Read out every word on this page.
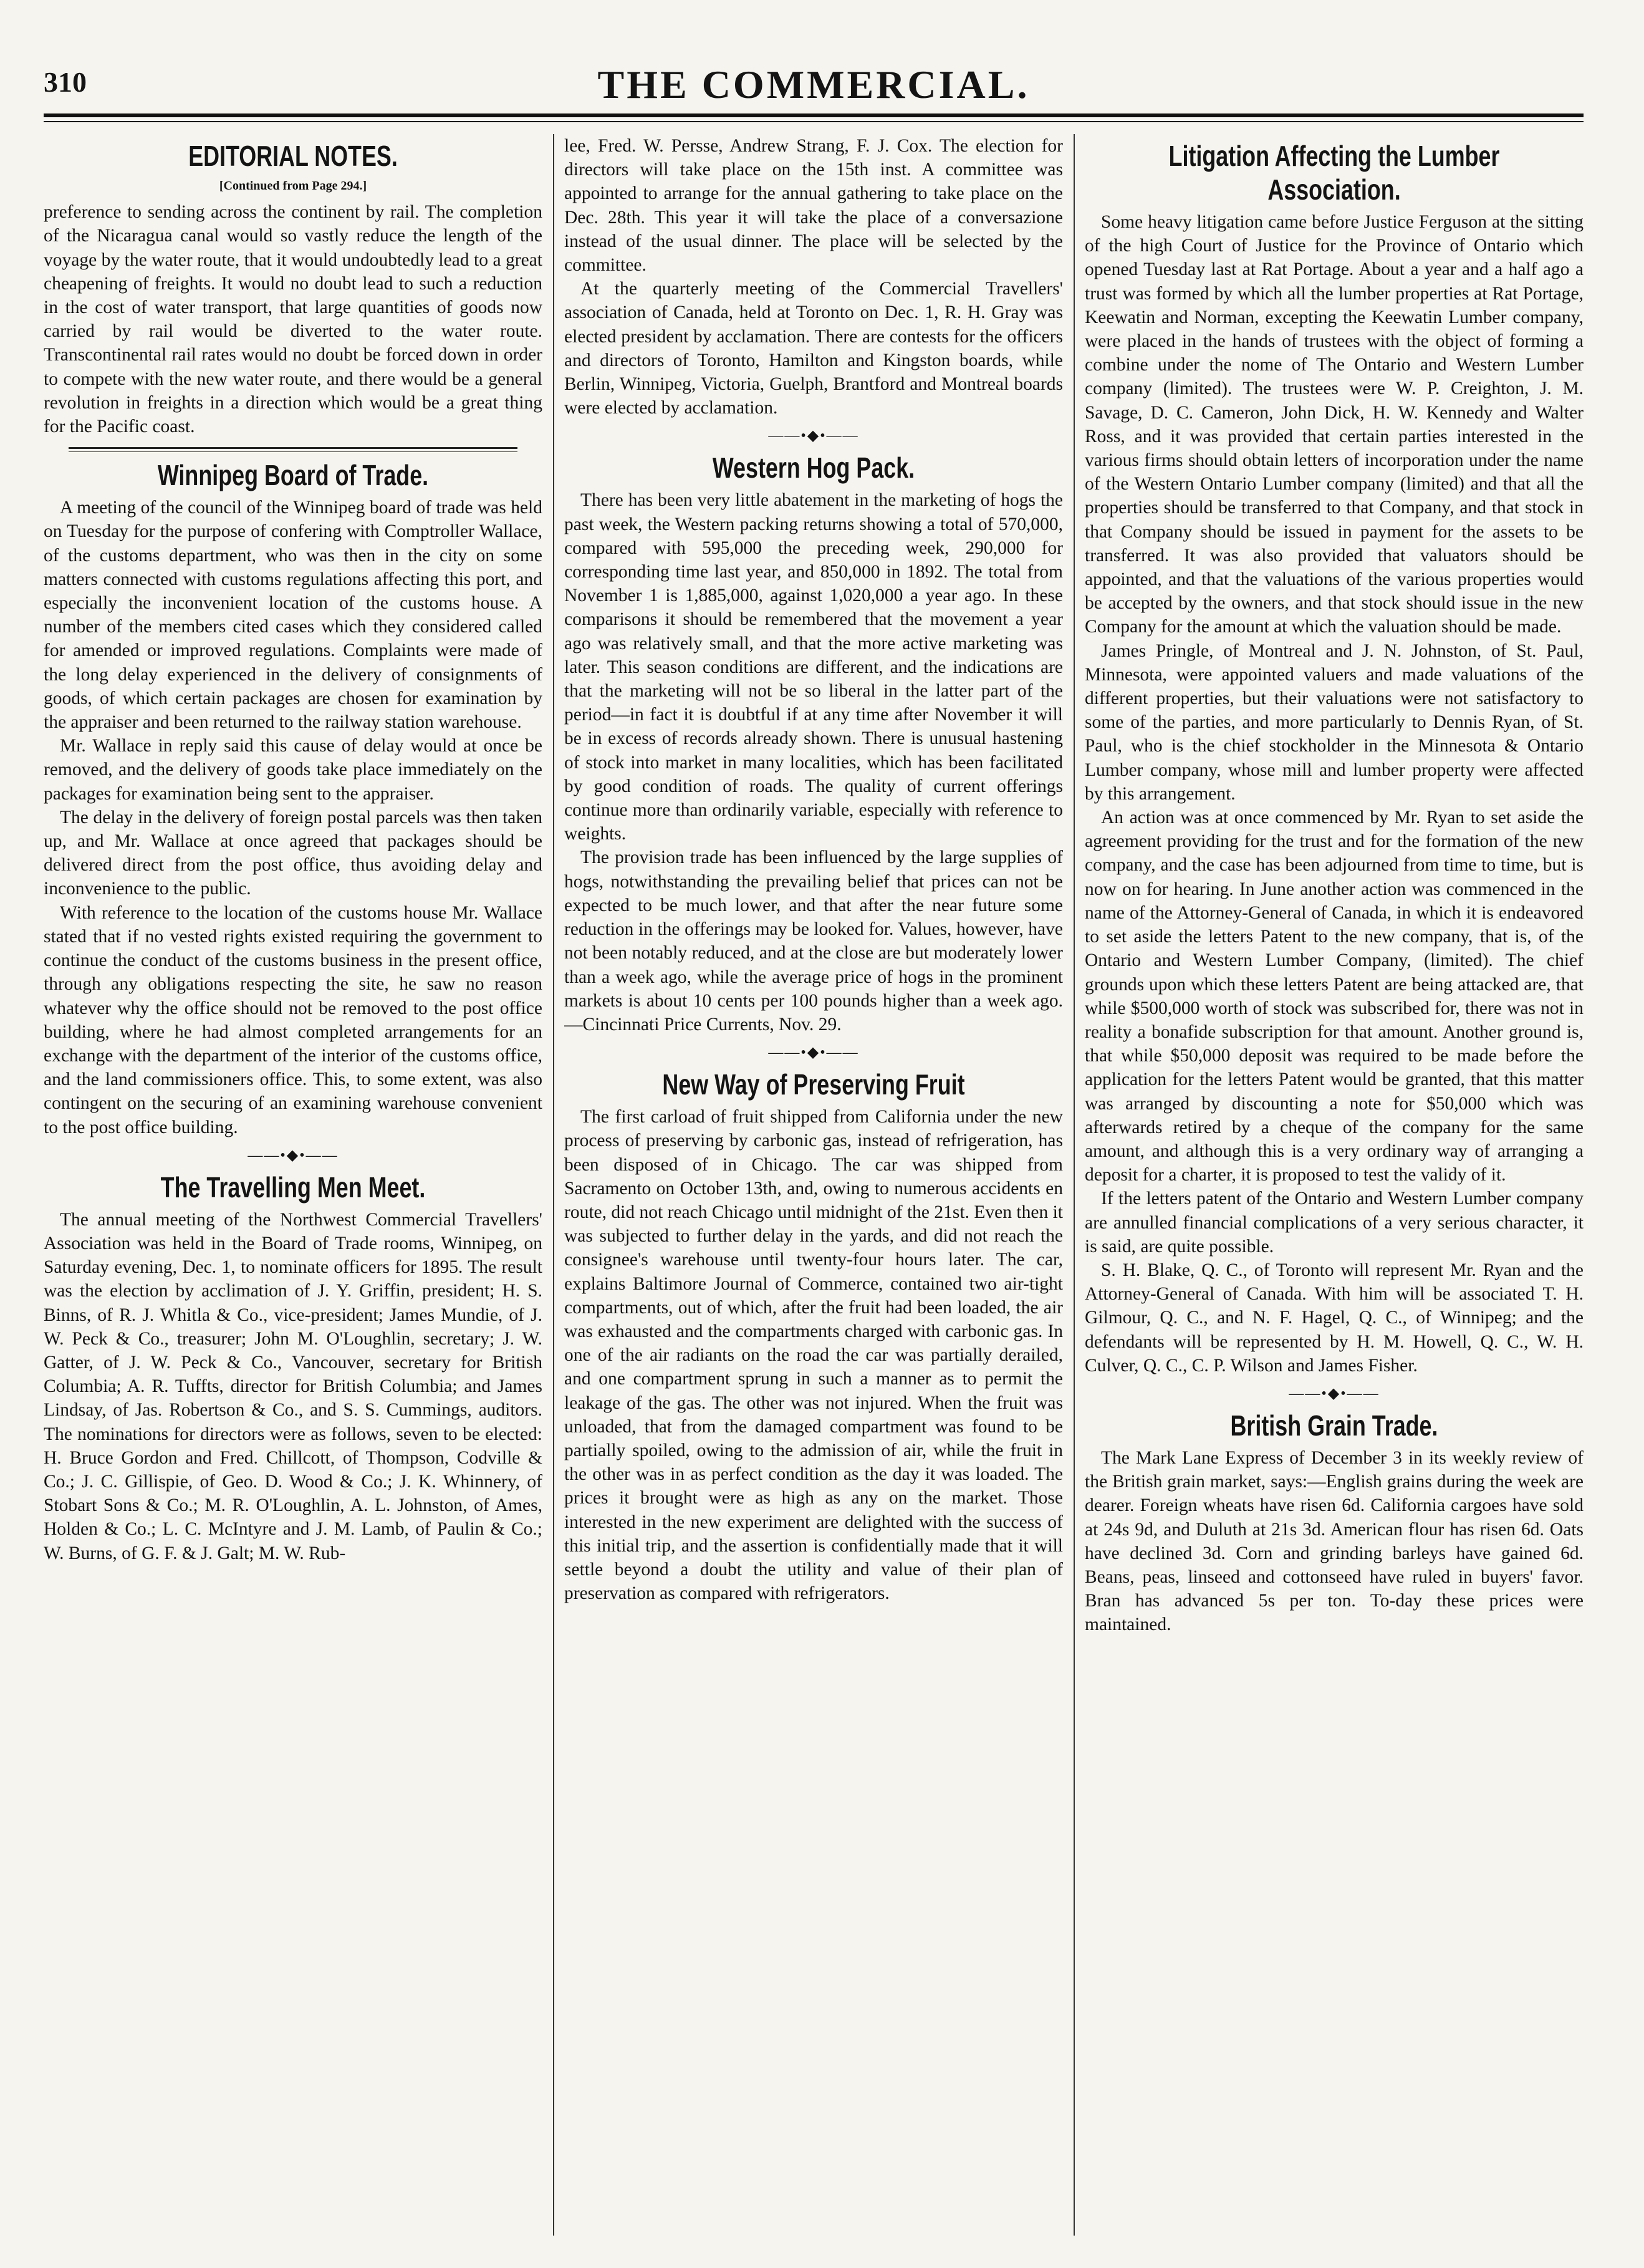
310	THE COMMERCIAL.
EDITORIAL NOTES.
[Continued from Page 294.]

preference to sending across the continent by rail. The completion of the Nicaragua canal would so vastly reduce the length of the voyage by the water route, that it would undoubtedly lead to a great cheapening of freights. It would no doubt lead to such a reduction in the cost of water transport, that large quantities of goods now carried by rail would be diverted to the water route. Transcontinental rail rates would no doubt be forced down in order to compete with the new water route, and there would be a general revolution in freights in a direction which would be a great thing for the Pacific coast.

Winnipeg Board of Trade.

A meeting of the council of the Winnipeg board of trade was held on Tuesday for the purpose of confering with Comptroller Wallace, of the customs department, who was then in the city on some matters connected with customs regulations affecting this port, and especially the inconvenient location of the customs house. A number of the members cited cases which they considered called for amended or improved regulations. Complaints were made of the long delay experienced in the delivery of consignments of goods, of which certain packages are chosen for examination by the appraiser and been returned to the railway station warehouse.

Mr. Wallace in reply said this cause of delay would at once be removed, and the delivery of goods take place immediately on the packages for examination being sent to the appraiser.

The delay in the delivery of foreign postal parcels was then taken up, and Mr. Wallace at once agreed that packages should be delivered direct from the post office, thus avoiding delay and inconvenience to the public.

With reference to the location of the customs house Mr. Wallace stated that if no vested rights existed requiring the government to continue the conduct of the customs business in the present office, through any obligations respecting the site, he saw no reason whatever why the office should not be removed to the post office building, where he had almost completed arrangements for an exchange with the department of the interior of the customs office, and the land commissioners office. This, to some extent, was also contingent on the securing of an examining warehouse convenient to the post office building.

——•◆•——
The Travelling Men Meet.

The annual meeting of the Northwest Commercial Travellers' Association was held in the Board of Trade rooms, Winnipeg, on Saturday evening, Dec. 1, to nominate officers for 1895. The result was the election by acclimation of J. Y. Griffin, president; H. S. Binns, of R. J. Whitla & Co., vice-president; James Mundie, of J. W. Peck & Co., treasurer; John M. O'Loughlin, secretary; J. W. Gatter, of J. W. Peck & Co., Vancouver, secretary for British Columbia; A. R. Tuffts, director for British Columbia; and James Lindsay, of Jas. Robertson & Co., and S. S. Cummings, auditors. The nominations for directors were as follows, seven to be elected: H. Bruce Gordon and Fred. Chillcott, of Thompson, Codville & Co.; J. C. Gillispie, of Geo. D. Wood & Co.; J. K. Whinnery, of Stobart Sons & Co.; M. R. O'Loughlin, A. L. Johnston, of Ames, Holden & Co.; L. C. McIntyre and J. M. Lamb, of Paulin & Co.; W. Burns, of G. F. & J. Galt; M. W. Rub-

lee, Fred. W. Persse, Andrew Strang, F. J. Cox. The election for directors will take place on the 15th inst. A committee was appointed to arrange for the annual gathering to take place on the Dec. 28th. This year it will take the place of a conversazione instead of the usual dinner. The place will be selected by the committee.

At the quarterly meeting of the Commercial Travellers' association of Canada, held at Toronto on Dec. 1, R. H. Gray was elected president by acclamation. There are contests for the officers and directors of Toronto, Hamilton and Kingston boards, while Berlin, Winnipeg, Victoria, Guelph, Brantford and Montreal boards were elected by acclamation.

——•◆•——
Western Hog Pack.

There has been very little abatement in the marketing of hogs the past week, the Western packing returns showing a total of 570,000, compared with 595,000 the preceding week, 290,000 for corresponding time last year, and 850,000 in 1892. The total from November 1 is 1,885,000, against 1,020,000 a year ago. In these comparisons it should be remembered that the movement a year ago was relatively small, and that the more active marketing was later. This season conditions are different, and the indications are that the marketing will not be so liberal in the latter part of the period—in fact it is doubtful if at any time after November it will be in excess of records already shown. There is unusual hastening of stock into market in many localities, which has been facilitated by good condition of roads. The quality of current offerings continue more than ordinarily variable, especially with reference to weights.

The provision trade has been influenced by the large supplies of hogs, notwithstanding the prevailing belief that prices can not be expected to be much lower, and that after the near future some reduction in the offerings may be looked for. Values, however, have not been notably reduced, and at the close are but moderately lower than a week ago, while the average price of hogs in the prominent markets is about 10 cents per 100 pounds higher than a week ago.—Cincinnati Price Currents, Nov. 29.

——•◆•——
New Way of Preserving Fruit

The first carload of fruit shipped from California under the new process of preserving by carbonic gas, instead of refrigeration, has been disposed of in Chicago. The car was shipped from Sacramento on October 13th, and, owing to numerous accidents en route, did not reach Chicago until midnight of the 21st. Even then it was subjected to further delay in the yards, and did not reach the consignee's warehouse until twenty-four hours later. The car, explains Baltimore Journal of Commerce, contained two air-tight compartments, out of which, after the fruit had been loaded, the air was exhausted and the compartments charged with carbonic gas. In one of the air radiants on the road the car was partially derailed, and one compartment sprung in such a manner as to permit the leakage of the gas. The other was not injured. When the fruit was unloaded, that from the damaged compartment was found to be partially spoiled, owing to the admission of air, while the fruit in the other was in as perfect condition as the day it was loaded. The prices it brought were as high as any on the market. Those interested in the new experiment are delighted with the success of this initial trip, and the assertion is confidentially made that it will settle beyond a doubt the utility and value of their plan of preservation as compared with refrigerators.

Litigation Affecting the Lumber Association.

Some heavy litigation came before Justice Ferguson at the sitting of the high Court of Justice for the Province of Ontario which opened Tuesday last at Rat Portage. About a year and a half ago a trust was formed by which all the lumber properties at Rat Portage, Keewatin and Norman, excepting the Keewatin Lumber company, were placed in the hands of trustees with the object of forming a combine under the nome of The Ontario and Western Lumber company (limited). The trustees were W. P. Creighton, J. M. Savage, D. C. Cameron, John Dick, H. W. Kennedy and Walter Ross, and it was provided that certain parties interested in the various firms should obtain letters of incorporation under the name of the Western Ontario Lumber company (limited) and that all the properties should be transferred to that Company, and that stock in that Company should be issued in payment for the assets to be transferred. It was also provided that valuators should be appointed, and that the valuations of the various properties would be accepted by the owners, and that stock should issue in the new Company for the amount at which the valuation should be made.

James Pringle, of Montreal and J. N. Johnston, of St. Paul, Minnesota, were appointed valuers and made valuations of the different properties, but their valuations were not satisfactory to some of the parties, and more particularly to Dennis Ryan, of St. Paul, who is the chief stockholder in the Minnesota & Ontario Lumber company, whose mill and lumber property were affected by this arrangement.

An action was at once commenced by Mr. Ryan to set aside the agreement providing for the trust and for the formation of the new company, and the case has been adjourned from time to time, but is now on for hearing. In June another action was commenced in the name of the Attorney-General of Canada, in which it is endeavored to set aside the letters Patent to the new company, that is, of the Ontario and Western Lumber Company, (limited). The chief grounds upon which these letters Patent are being attacked are, that while $500,000 worth of stock was subscribed for, there was not in reality a bonafide subscription for that amount. Another ground is, that while $50,000 deposit was required to be made before the application for the letters Patent would be granted, that this matter was arranged by discounting a note for $50,000 which was afterwards retired by a cheque of the company for the same amount, and although this is a very ordinary way of arranging a deposit for a charter, it is proposed to test the validy of it.

If the letters patent of the Ontario and Western Lumber company are annulled financial complications of a very serious character, it is said, are quite possible.

S. H. Blake, Q. C., of Toronto will represent Mr. Ryan and the Attorney-General of Canada. With him will be associated T. H. Gilmour, Q. C., and N. F. Hagel, Q. C., of Winnipeg; and the defendants will be represented by H. M. Howell, Q. C., W. H. Culver, Q. C., C. P. Wilson and James Fisher.

——•◆•——
British Grain Trade.

The Mark Lane Express of December 3 in its weekly review of the British grain market, says:—English grains during the week are dearer. Foreign wheats have risen 6d. California cargoes have sold at 24s 9d, and Duluth at 21s 3d. American flour has risen 6d. Oats have declined 3d. Corn and grinding barleys have gained 6d. Beans, peas, linseed and cottonseed have ruled in buyers' favor. Bran has advanced 5s per ton. To-day these prices were maintained.
